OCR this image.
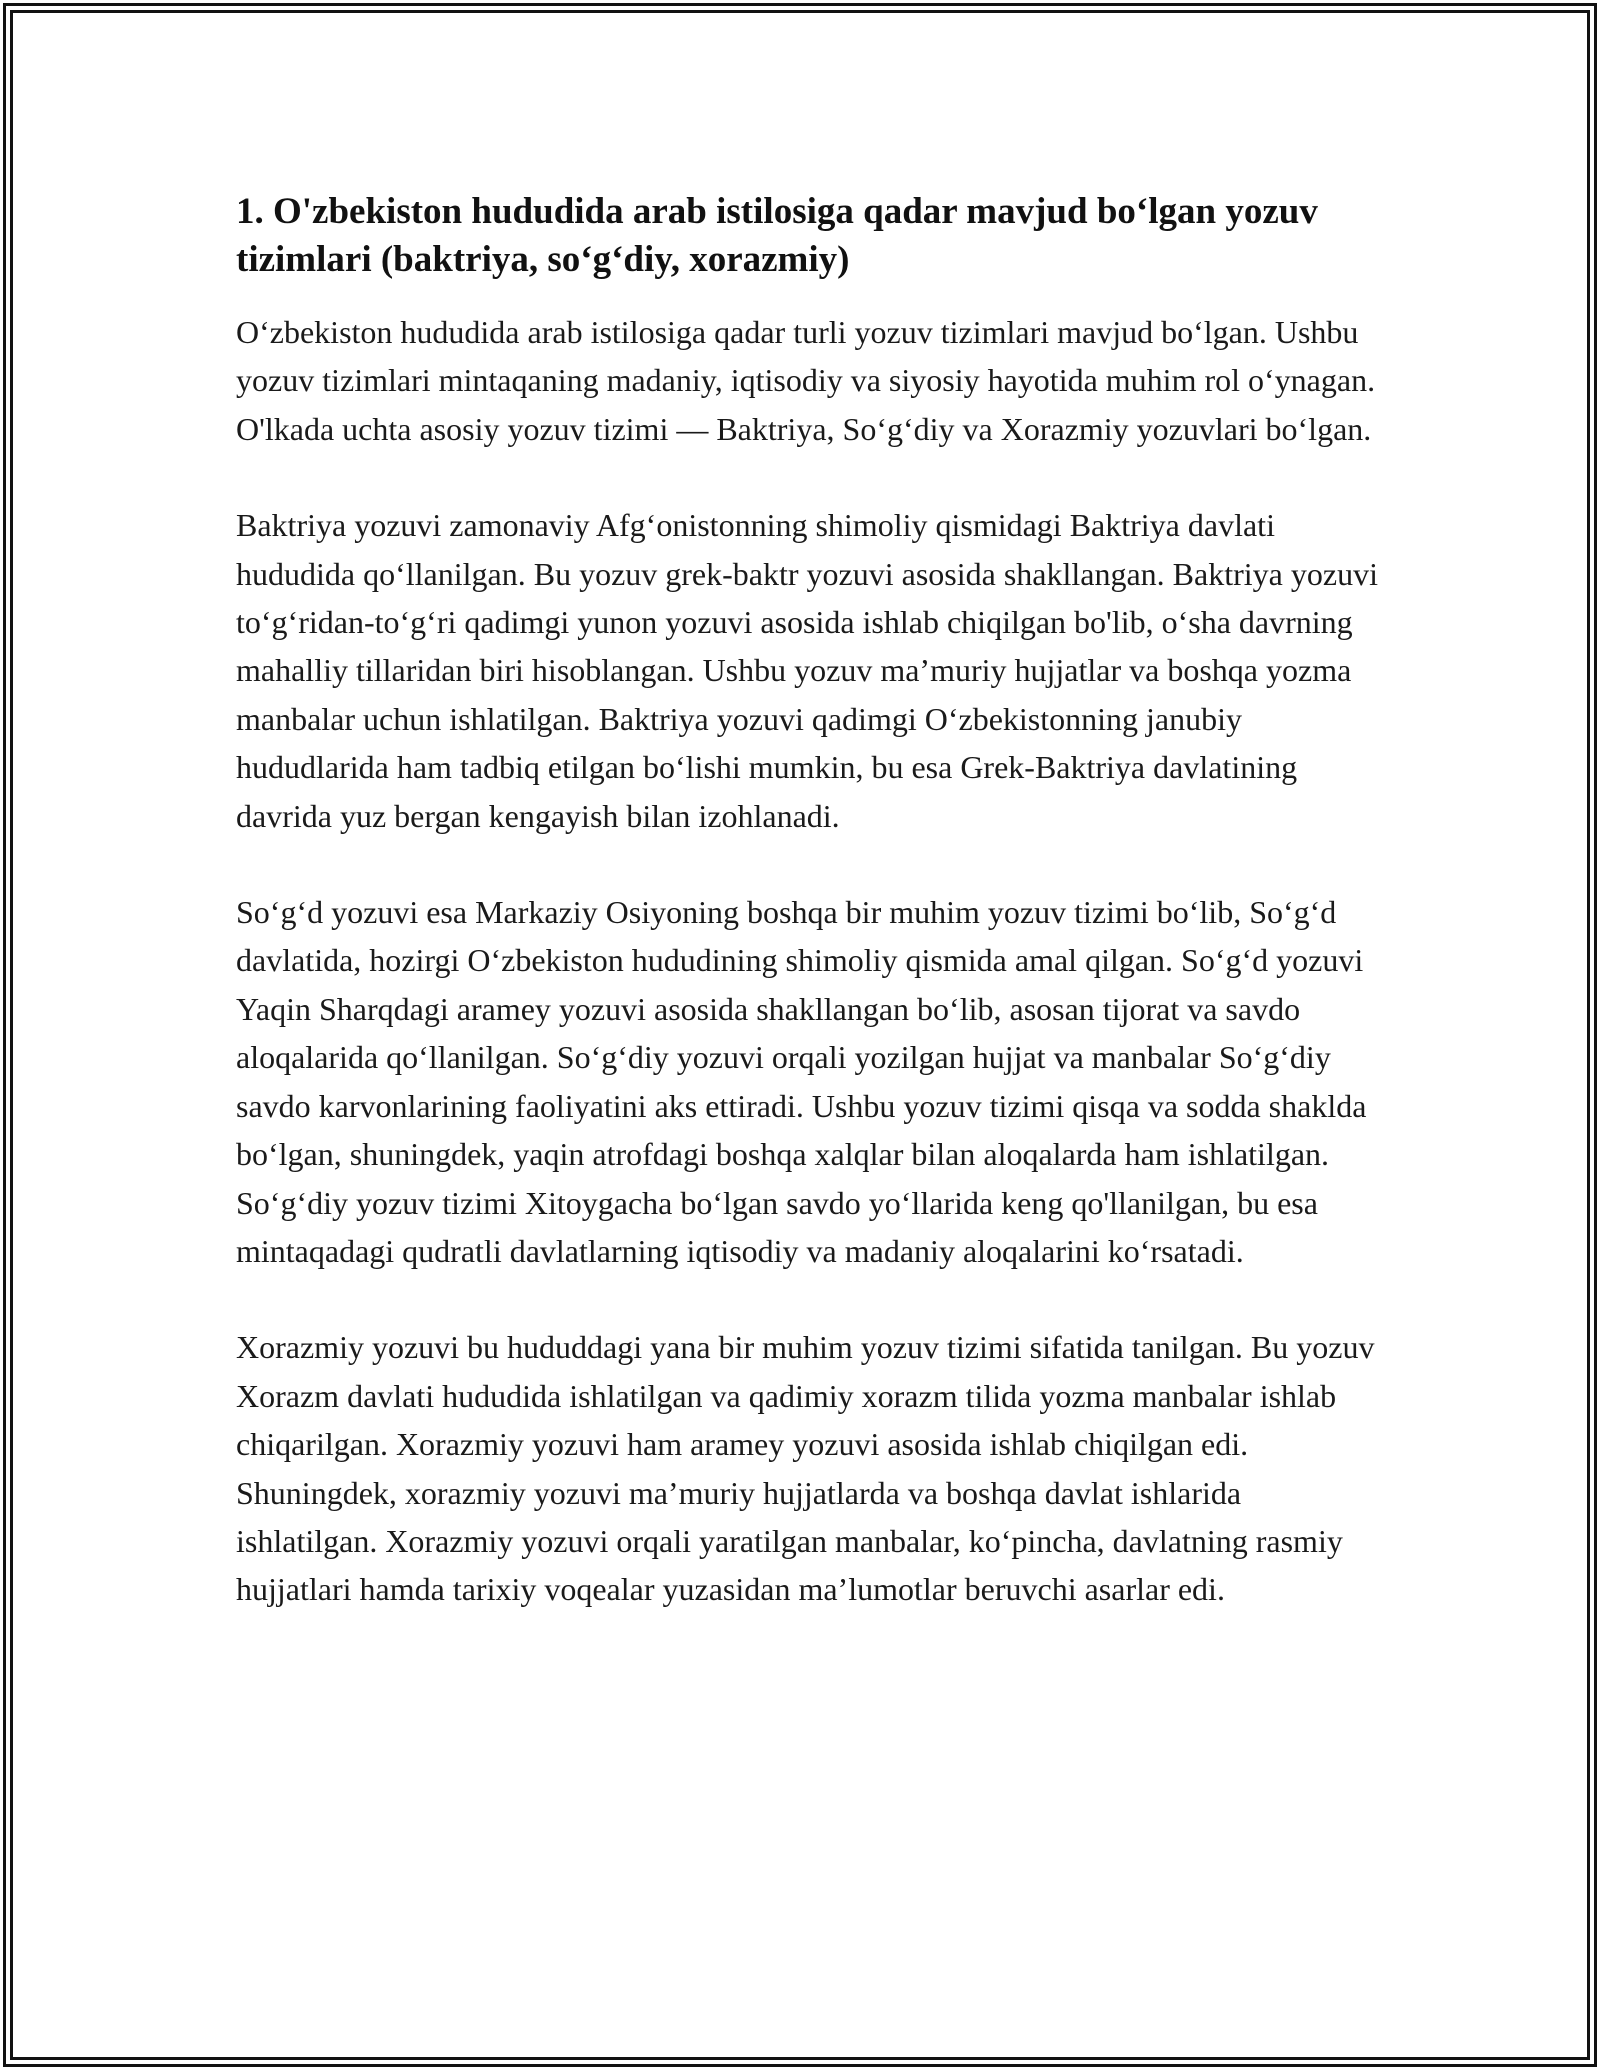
1. O'zbekiston hududida arab istilosiga qadar mavjud bo‘lgan yozuv tizimlari (baktriya, so‘g‘diy, xorazmiy)

O‘zbekiston hududida arab istilosiga qadar turli yozuv tizimlari mavjud bo‘lgan. Ushbu yozuv tizimlari mintaqaning madaniy, iqtisodiy va siyosiy hayotida muhim rol o‘ynagan. O'lkada uchta asosiy yozuv tizimi — Baktriya, So‘g‘diy va Xorazmiy yozuvlari bo‘lgan.

Baktriya yozuvi zamonaviy Afg‘onistonning shimoliy qismidagi Baktriya davlati hududida qo‘llanilgan. Bu yozuv grek-baktr yozuvi asosida shakllangan. Baktriya yozuvi to‘g‘ridan-to‘g‘ri qadimgi yunon yozuvi asosida ishlab chiqilgan bo'lib, o‘sha davrning mahalliy tillaridan biri hisoblangan. Ushbu yozuv ma’muriy hujjatlar va boshqa yozma manbalar uchun ishlatilgan. Baktriya yozuvi qadimgi O‘zbekistonning janubiy hududlarida ham tadbiq etilgan bo‘lishi mumkin, bu esa Grek-Baktriya davlatining davrida yuz bergan kengayish bilan izohlanadi.

So‘g‘d yozuvi esa Markaziy Osiyoning boshqa bir muhim yozuv tizimi bo‘lib, So‘g‘d davlatida, hozirgi O‘zbekiston hududining shimoliy qismida amal qilgan. So‘g‘d yozuvi Yaqin Sharqdagi aramey yozuvi asosida shakllangan bo‘lib, asosan tijorat va savdo aloqalarida qo‘llanilgan. So‘g‘diy yozuvi orqali yozilgan hujjat va manbalar So‘g‘diy savdo karvonlarining faoliyatini aks ettiradi. Ushbu yozuv tizimi qisqa va sodda shaklda bo‘lgan, shuningdek, yaqin atrofdagi boshqa xalqlar bilan aloqalarda ham ishlatilgan. So‘g‘diy yozuv tizimi Xitoygacha bo‘lgan savdo yo‘llarida keng qo'llanilgan, bu esa mintaqadagi qudratli davlatlarning iqtisodiy va madaniy aloqalarini ko‘rsatadi.

Xorazmiy yozuvi bu hududdagi yana bir muhim yozuv tizimi sifatida tanilgan. Bu yozuv Xorazm davlati hududida ishlatilgan va qadimiy xorazm tilida yozma manbalar ishlab chiqarilgan. Xorazmiy yozuvi ham aramey yozuvi asosida ishlab chiqilgan edi. Shuningdek, xorazmiy yozuvi ma’muriy hujjatlarda va boshqa davlat ishlarida ishlatilgan. Xorazmiy yozuvi orqali yaratilgan manbalar, ko‘pincha, davlatning rasmiy hujjatlari hamda tarixiy voqealar yuzasidan ma’lumotlar beruvchi asarlar edi.
